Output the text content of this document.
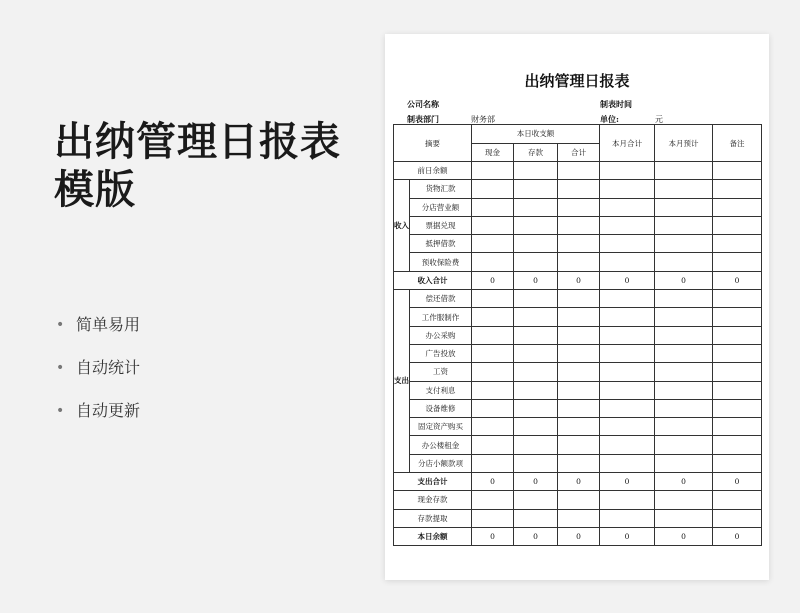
出纳管理日报表
模版
• 简单易用
• 自动统计
• 自动更新
出纳管理日报表
公司名称	制表时间
制表部门	财务部	单位:	元
摘要		本日收支额			本月合计	本月预计	备注
		现金	存款	合计			
前日余额							
收入	货物汇款						
	分店营业额						
	票据兑现						
	抵押借款						
	预收保险费						
收入合计		0	0	0	0	0	0
支出	偿还借款						
	工作服制作						
	办公采购						
	广告投放						
	工资						
	支付利息						
	设备维修						
	固定资产购买						
	办公楼租金						
	分店小额款项						
支出合计		0	0	0	0	0	0
现金存款							
存款提取							
本日余额		0	0	0	0	0	0
